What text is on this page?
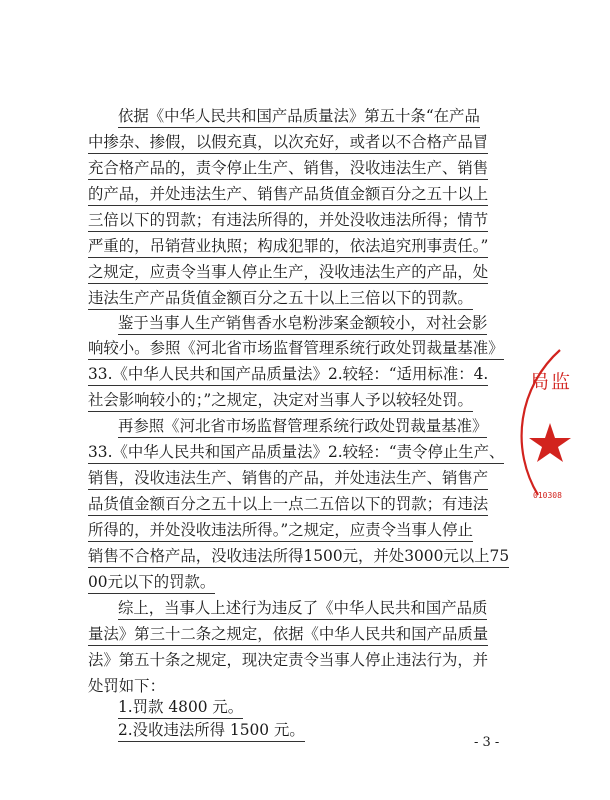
依据《中华人民共和国产品质量法》第五十条“在产品
中掺杂、掺假，以假充真，以次充好，或者以不合格产品冒
充合格产品的，责令停止生产、销售，没收违法生产、销售
的产品，并处违法生产、销售产品货值金额百分之五十以上
三倍以下的罚款；有违法所得的，并处没收违法所得；情节
严重的，吊销营业执照；构成犯罪的，依法追究刑事责任。”
之规定，应责令当事人停止生产，没收违法生产的产品，处
违法生产产品货值金额百分之五十以上三倍以下的罚款。
鉴于当事人生产销售香水皂粉涉案金额较小，对社会影
响较小。参照《河北省市场监督管理系统行政处罚裁量基准》
33.《中华人民共和国产品质量法》2.较轻：“适用标准：4.
社会影响较小的；”之规定，决定对当事人予以较轻处罚。
再参照《河北省市场监督管理系统行政处罚裁量基准》
33.《中华人民共和国产品质量法》2.较轻：“责令停止生产、
销售，没收违法生产、销售的产品，并处违法生产、销售产
品货值金额百分之五十以上一点二五倍以下的罚款；有违法
所得的，并处没收违法所得。”之规定，应责令当事人停止
销售不合格产品，没收违法所得1500元，并处3000元以上75
00元以下的罚款。
综上，当事人上述行为违反了《中华人民共和国产品质
量法》第三十二条之规定，依据《中华人民共和国产品质量
法》第五十条之规定，现决定责令当事人停止违法行为，并
处罚如下：
1.罚款 4800 元。
2.没收违法所得 1500 元。
- 3 -
局监
010308
